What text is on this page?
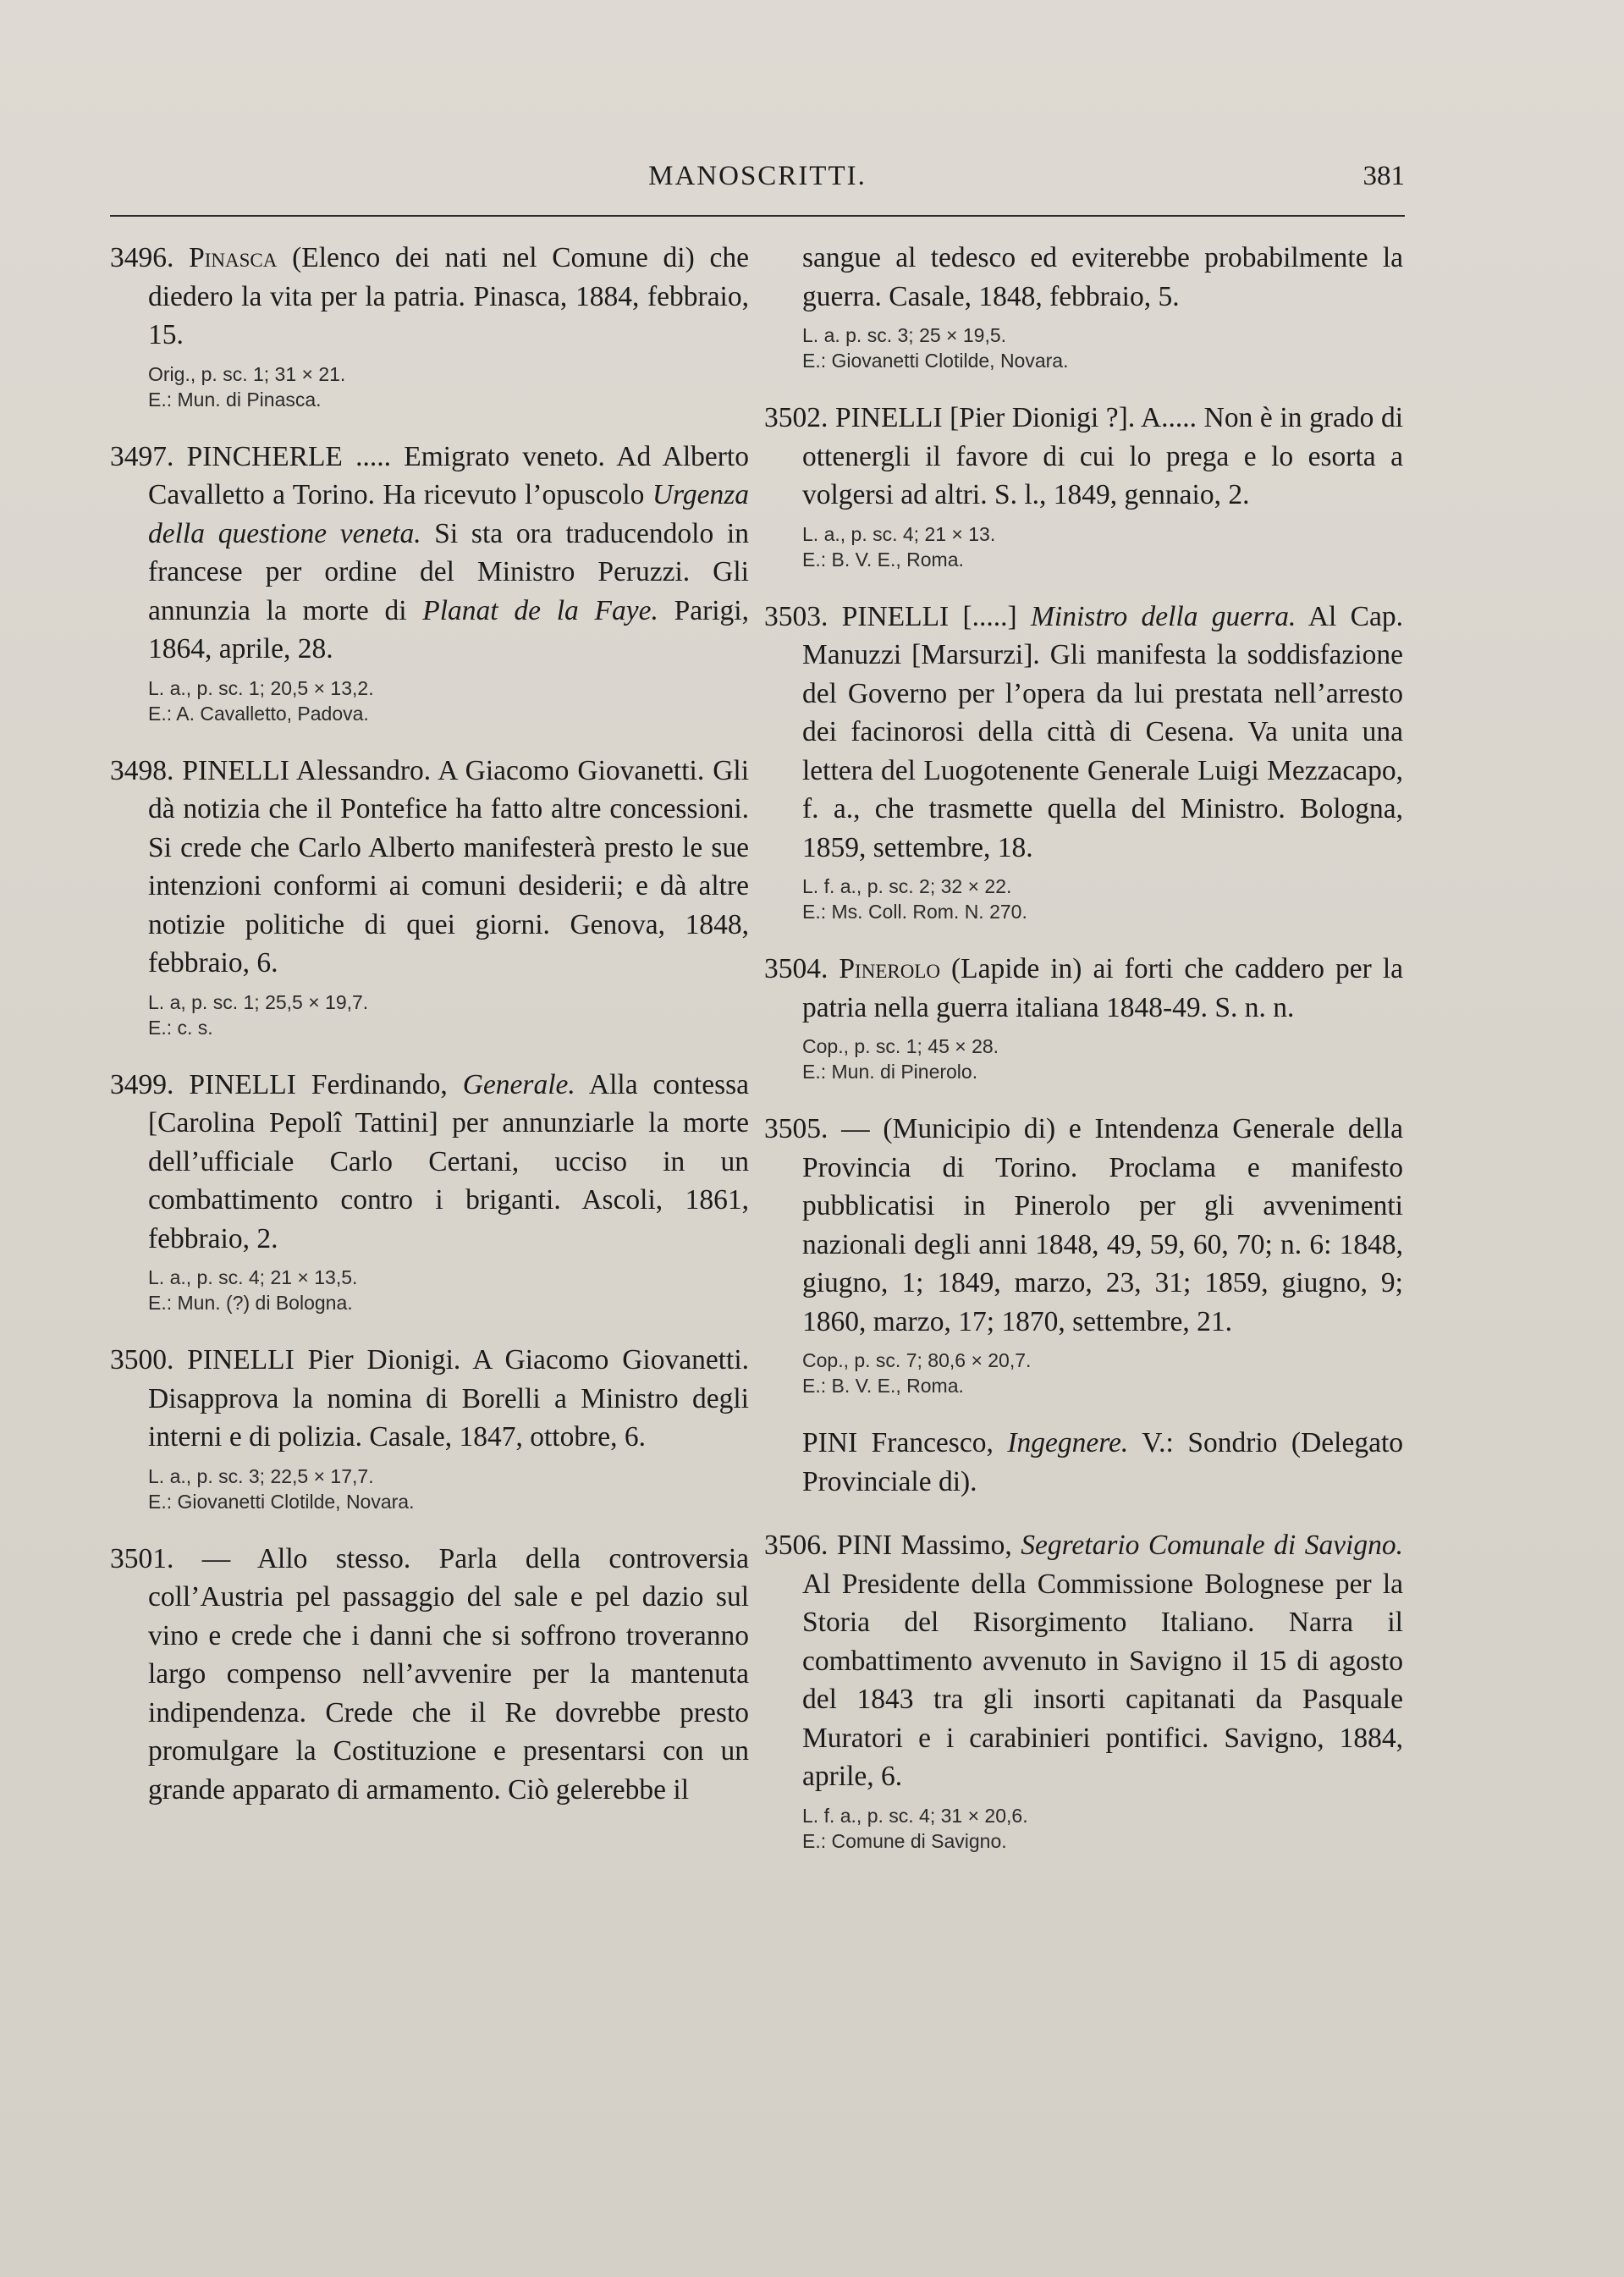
MANOSCRITTI.	381
3496. Pinasca (Elenco dei nati nel Comune di) che diedero la vita per la patria. Pinasca, 1884, febbraio, 15.
Orig., p. sc. 1; 31 × 21.
E.: Mun. di Pinasca.
3497. PINCHERLE ..... Emigrato veneto. Ad Alberto Cavalletto a Torino. Ha ricevuto l’opuscolo Urgenza della questione veneta. Si sta ora traducendolo in francese per ordine del Ministro Peruzzi. Gli annunzia la morte di Planat de la Faye. Parigi, 1864, aprile, 28.
L. a., p. sc. 1; 20,5 × 13,2.
E.: A. Cavalletto, Padova.
3498. PINELLI Alessandro. A Giacomo Giovanetti. Gli dà notizia che il Pontefice ha fatto altre concessioni. Si crede che Carlo Alberto manifesterà presto le sue intenzioni conformi ai comuni desiderii; e dà altre notizie politiche di quei giorni. Genova, 1848, febbraio, 6.
L. a, p. sc. 1; 25,5 × 19,7.
E.: c. s.
3499. PINELLI Ferdinando, Generale. Alla contessa [Carolina Pepolî Tattini] per annunziarle la morte dell’ufficiale Carlo Certani, ucciso in un combattimento contro i briganti. Ascoli, 1861, febbraio, 2.
L. a., p. sc. 4; 21 × 13,5.
E.: Mun. (?) di Bologna.
3500. PINELLI Pier Dionigi. A Giacomo Giovanetti. Disapprova la nomina di Borelli a Ministro degli interni e di polizia. Casale, 1847, ottobre, 6.
L. a., p. sc. 3; 22,5 × 17,7.
E.: Giovanetti Clotilde, Novara.
3501. — Allo stesso. Parla della controversia coll’Austria pel passaggio del sale e pel dazio sul vino e crede che i danni che si soffrono troveranno largo compenso nell’avvenire per la mantenuta indipendenza. Crede che il Re dovrebbe presto promulgare la Costituzione e presentarsi con un grande apparato di armamento. Ciò gelerebbe il
sangue al tedesco ed eviterebbe probabilmente la guerra. Casale, 1848, febbraio, 5.
L. a. p. sc. 3; 25 × 19,5.
E.: Giovanetti Clotilde, Novara.
3502. PINELLI [Pier Dionigi ?]. A..... Non è in grado di ottenergli il favore di cui lo prega e lo esorta a volgersi ad altri. S. l., 1849, gennaio, 2.
L. a., p. sc. 4; 21 × 13.
E.: B. V. E., Roma.
3503. PINELLI [.....] Ministro della guerra. Al Cap. Manuzzi [Marsurzi]. Gli manifesta la soddisfazione del Governo per l’opera da lui prestata nell’arresto dei facinorosi della città di Cesena. Va unita una lettera del Luogotenente Generale Luigi Mezzacapo, f. a., che trasmette quella del Ministro. Bologna, 1859, settembre, 18.
L. f. a., p. sc. 2; 32 × 22.
E.: Ms. Coll. Rom. N. 270.
3504. Pinerolo (Lapide in) ai forti che caddero per la patria nella guerra italiana 1848-49. S. n. n.
Cop., p. sc. 1; 45 × 28.
E.: Mun. di Pinerolo.
3505. — (Municipio di) e Intendenza Generale della Provincia di Torino. Proclama e manifesto pubblicatisi in Pinerolo per gli avvenimenti nazionali degli anni 1848, 49, 59, 60, 70; n. 6: 1848, giugno, 1; 1849, marzo, 23, 31; 1859, giugno, 9; 1860, marzo, 17; 1870, settembre, 21.
Cop., p. sc. 7; 80,6 × 20,7.
E.: B. V. E., Roma.
PINI Francesco, Ingegnere. V.: Sondrio (Delegato Provinciale di).
3506. PINI Massimo, Segretario Comunale di Savigno. Al Presidente della Commissione Bolognese per la Storia del Risorgimento Italiano. Narra il combattimento avvenuto in Savigno il 15 di agosto del 1843 tra gli insorti capitanati da Pasquale Muratori e i carabinieri pontifici. Savigno, 1884, aprile, 6.
L. f. a., p. sc. 4; 31 × 20,6.
E.: Comune di Savigno.
